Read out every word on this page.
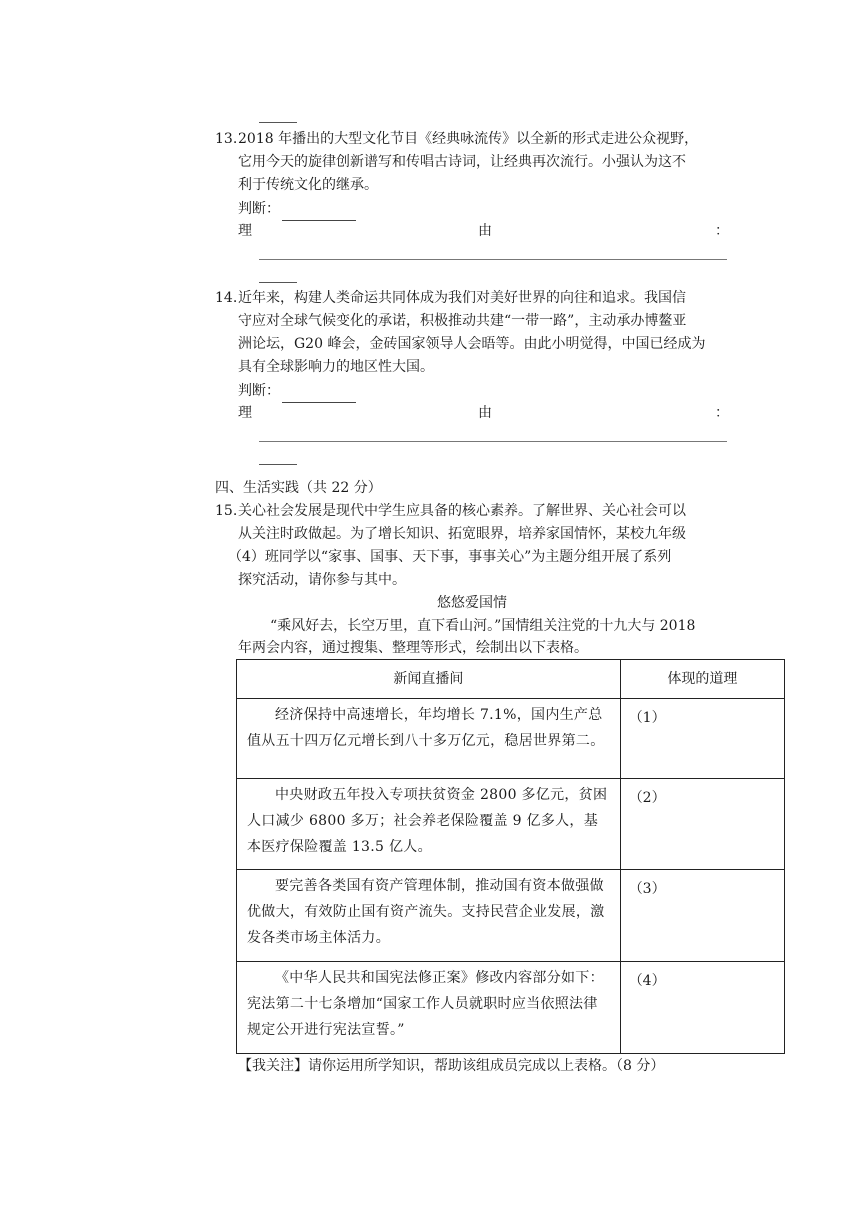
13. 2018 年播出的大型文化节目《经典咏流传》以全新的形式走进公众视野，
它用今天的旋律创新谱写和传唱古诗词，让经典再次流行。小强认为这不
利于传统文化的继承。
判断：
理	由	：
14. 近年来，构建人类命运共同体成为我们对美好世界的向往和追求。我国信
守应对全球气候变化的承诺，积极推动共建“一带一路”，主动承办博鳌亚
洲论坛，G20 峰会，金砖国家领导人会晤等。由此小明觉得，中国已经成为
具有全球影响力的地区性大国。
判断：
理	由	：
四、生活实践（共 22 分）
15. 关心社会发展是现代中学生应具备的核心素养。了解世界、关心社会可以
从关注时政做起。为了增长知识、拓宽眼界，培养家国情怀，某校九年级
（4）班同学以“家事、国事、天下事，事事关心”为主题分组开展了系列
探究活动，请你参与其中。
悠悠爱国情
“乘风好去，长空万里，直下看山河。”国情组关注党的十九大与 2018
年两会内容，通过搜集、整理等形式，绘制出以下表格。
新闻直播间	体现的道理

经济保持中高速增长，年均增长 7.1%，国内生产总值从五十四万亿元增长到八十多万亿元，稳居世界第二。	（1）

中央财政五年投入专项扶贫资金 2800 多亿元，贫困人口减少 6800 多万；社会养老保险覆盖 9 亿多人，基本医疗保险覆盖 13.5 亿人。	（2）

要完善各类国有资产管理体制，推动国有资本做强做优做大，有效防止国有资产流失。支持民营企业发展，激发各类市场主体活力。	（3）

《中华人民共和国宪法修正案》修改内容部分如下：宪法第二十七条增加“国家工作人员就职时应当依照法律规定公开进行宪法宣誓。”	（4）
【我关注】请你运用所学知识，帮助该组成员完成以上表格。（8 分）
